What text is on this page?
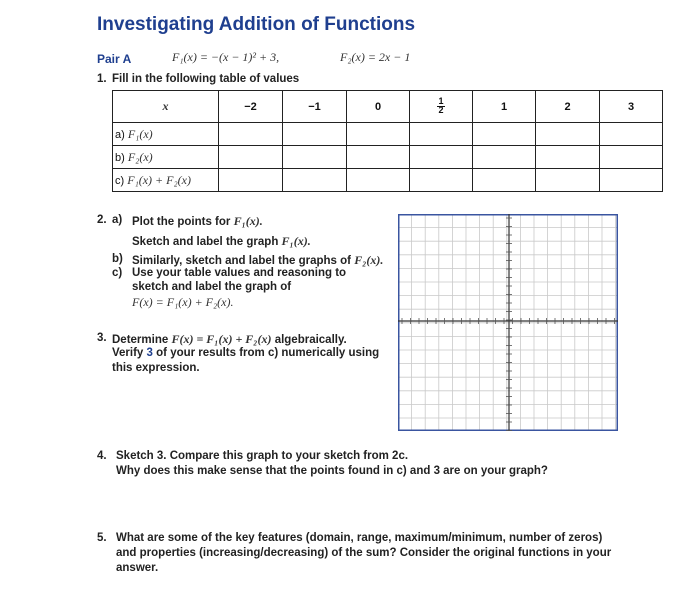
Investigating Addition of Functions
Pair A	F₁(x) = −(x − 1)² + 3,	F₂(x) = 2x − 1
1. Fill in the following table of values
x	−2	−1	0	$\frac{1}{2}$	1	2	3
a) F₁(x)							
b) F₂(x)							
c) F₁(x) + F₂(x)							
2. a) Plot the points for F₁(x).
Sketch and label the graph F₁(x).
b) Similarly, sketch and label the graphs of F₂(x).
c) Use your table values and reasoning to
sketch and label the graph of
F(x) = F₁(x) + F₂(x).
3. Determine F(x) = F₁(x) + F₂(x) algebraically.
Verify 3 of your results from c) numerically using
this expression.
4. Sketch 3. Compare this graph to your sketch from 2c.
Why does this make sense that the points found in c) and 3 are on your graph?
5. What are some of the key features (domain, range, maximum/minimum, number of zeros)
and properties (increasing/decreasing) of the sum? Consider the original functions in your
answer.
